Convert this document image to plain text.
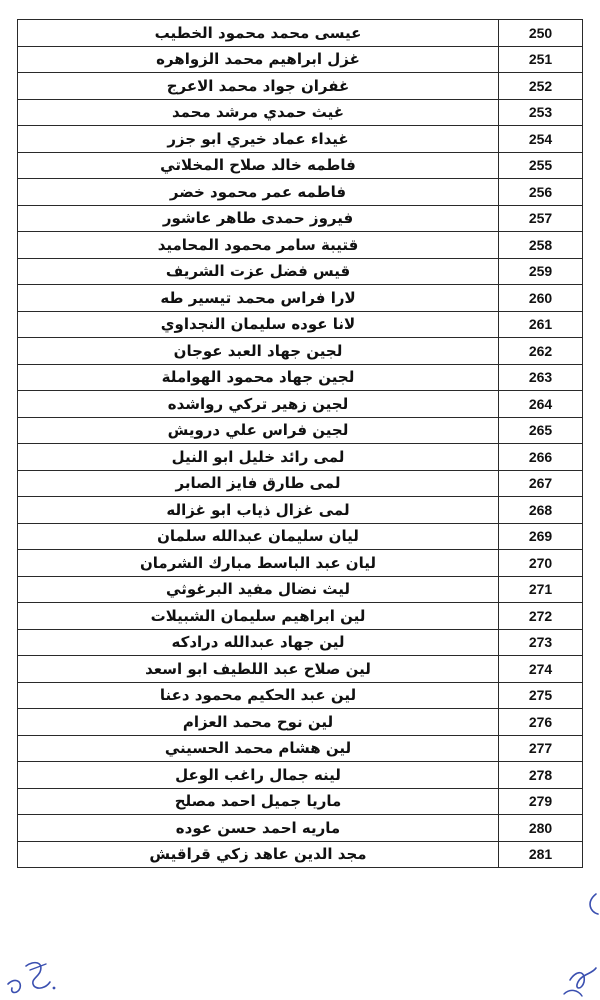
عيسى محمد محمود الخطيب	250
غزل ابراهيم محمد الزواهره	251
غفران جواد محمد الاعرج	252
غيث حمدي مرشد محمد	253
غيداء عماد خيري ابو جزر	254
فاطمه خالد صلاح المخلاتي	255
فاطمه عمر محمود خضر	256
فيروز حمدى طاهر عاشور	257
قتيبة سامر محمود المحاميد	258
قيس فضل عزت الشريف	259
لارا فراس محمد تيسير طه	260
لانا عوده سليمان النجداوي	261
لجين جهاد العبد عوجان	262
لجين جهاد محمود الهواملة	263
لجين زهير تركي رواشده	264
لجين فراس علي درويش	265
لمى رائد خليل ابو النيل	266
لمى طارق فايز الصابر	267
لمى غزال ذياب ابو غزاله	268
ليان سليمان عبدالله سلمان	269
ليان عبد الباسط مبارك الشرمان	270
ليث نضال مفيد البرغوثي	271
لين ابراهيم سليمان الشبيلات	272
لين جهاد عبدالله درادكه	273
لين صلاح عبد اللطيف ابو اسعد	274
لين عبد الحكيم محمود دعنا	275
لين نوح محمد العزام	276
لين هشام محمد الحسيني	277
لينه جمال راغب الوعل	278
ماريا جميل احمد مصلح	279
ماريه احمد حسن عوده	280
مجد الدين عاهد زكي قراقيش	281
